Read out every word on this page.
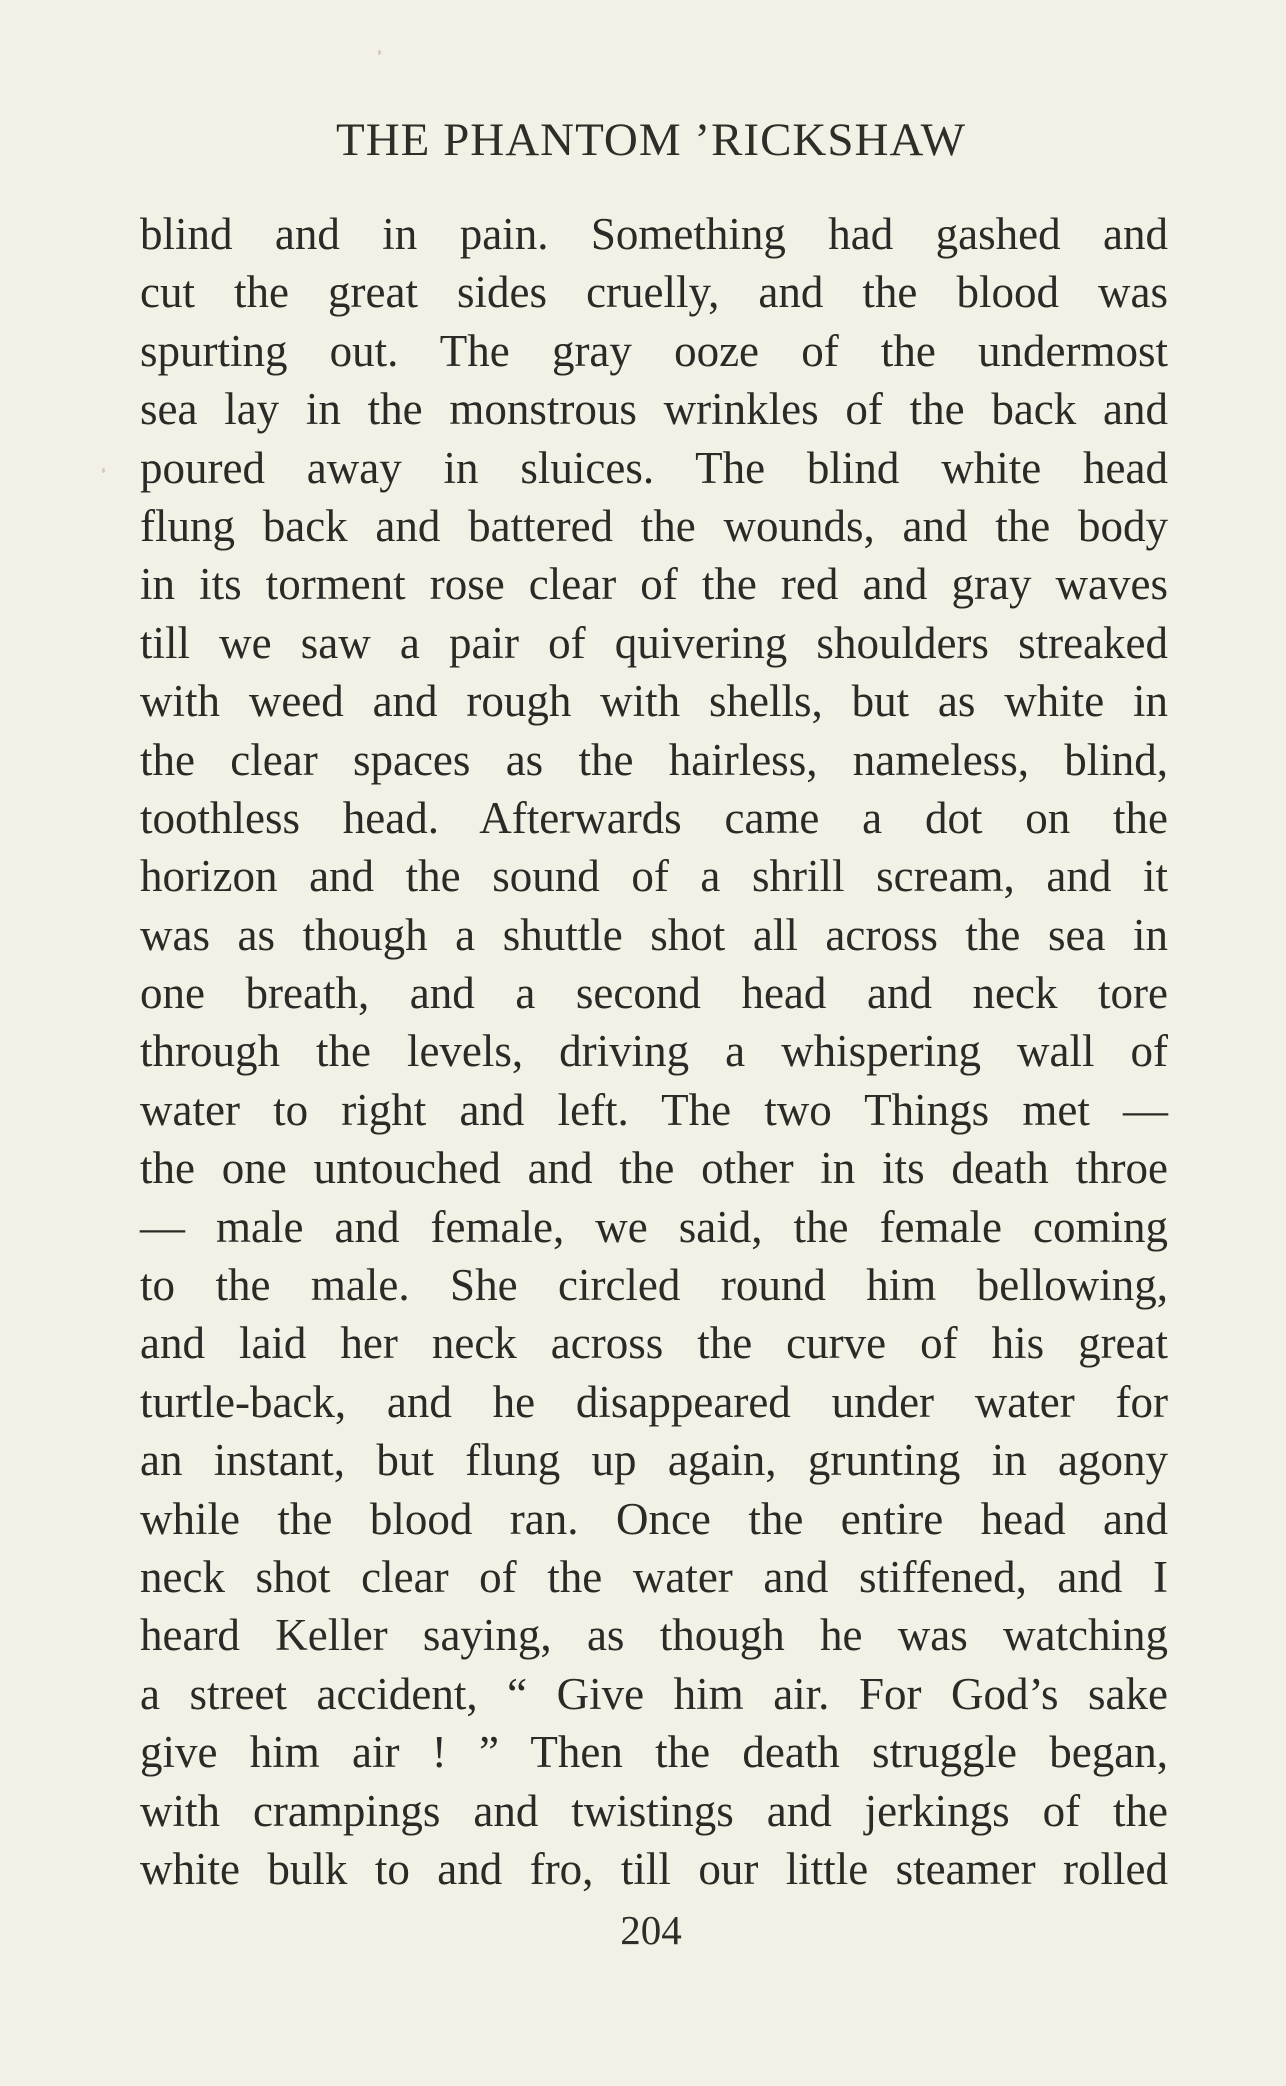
THE PHANTOM ’RICKSHAW
blind and in pain. Something had gashed and
cut the great sides cruelly, and the blood was
spurting out. The gray ooze of the undermost
sea lay in the monstrous wrinkles of the back and
poured away in sluices. The blind white head
flung back and battered the wounds, and the body
in its torment rose clear of the red and gray waves
till we saw a pair of quivering shoulders streaked
with weed and rough with shells, but as white in
the clear spaces as the hairless, nameless, blind,
toothless head. Afterwards came a dot on the
horizon and the sound of a shrill scream, and it
was as though a shuttle shot all across the sea in
one breath, and a second head and neck tore
through the levels, driving a whispering wall of
water to right and left. The two Things met —
the one untouched and the other in its death throe
— male and female, we said, the female coming
to the male. She circled round him bellowing,
and laid her neck across the curve of his great
turtle-back, and he disappeared under water for
an instant, but flung up again, grunting in agony
while the blood ran. Once the entire head and
neck shot clear of the water and stiffened, and I
heard Keller saying, as though he was watching
a street accident, “ Give him air. For God’s sake
give him air ! ” Then the death struggle began,
with crampings and twistings and jerkings of the
white bulk to and fro, till our little steamer rolled
204
